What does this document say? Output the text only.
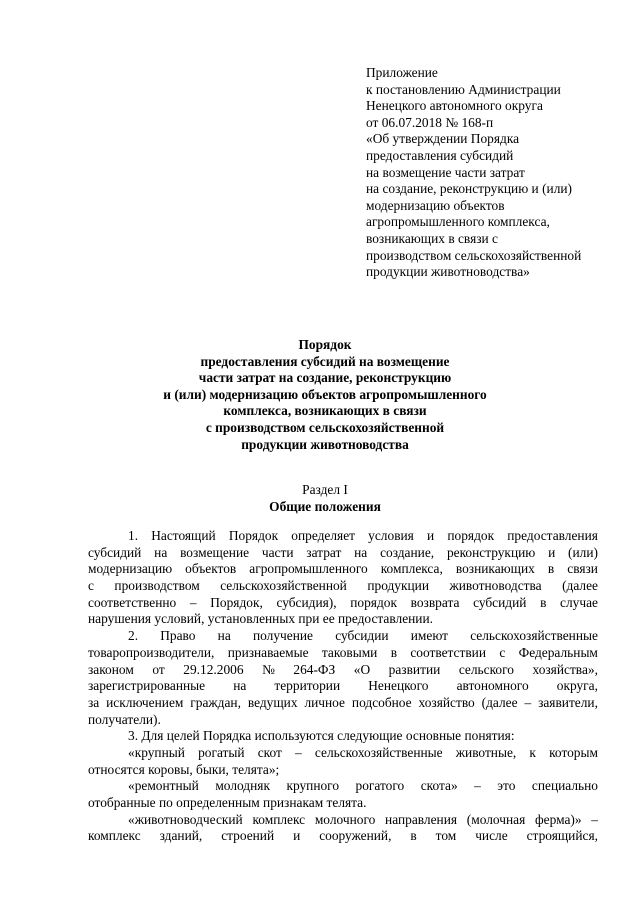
Приложение
к постановлению Администрации
Ненецкого автономного округа
от 06.07.2018 № 168-п
«Об утверждении Порядка
предоставления субсидий
на возмещение части затрат
на создание, реконструкцию и (или)
модернизацию объектов
агропромышленного комплекса,
возникающих в связи с
производством сельскохозяйственной
продукции животноводства»
Порядок
предоставления субсидий на возмещение
части затрат на создание, реконструкцию
и (или) модернизацию объектов агропромышленного
комплекса, возникающих в связи
с производством сельскохозяйственной
продукции животноводства
Раздел I
Общие положения
1. Настоящий Порядок определяет условия и порядок предоставления
субсидий на возмещение части затрат на создание, реконструкцию и (или)
модернизацию объектов агропромышленного комплекса, возникающих в связи
с производством сельскохозяйственной продукции животноводства (далее
соответственно – Порядок, субсидия), порядок возврата субсидий в случае
нарушения условий, установленных при ее предоставлении.
2. Право на получение субсидии имеют сельскохозяйственные
товаропроизводители, признаваемые таковыми в соответствии с Федеральным
законом от 29.12.2006 № 264-ФЗ «О развитии сельского хозяйства»,
зарегистрированные на территории Ненецкого автономного округа,
за исключением граждан, ведущих личное подсобное хозяйство (далее – заявители,
получатели).
3. Для целей Порядка используются следующие основные понятия:
«крупный рогатый скот – сельскохозяйственные животные, к которым
относятся коровы, быки, телята»;
«ремонтный молодняк крупного рогатого скота» – это специально
отобранные по определенным признакам телята.
«животноводческий комплекс молочного направления (молочная ферма)» –
комплекс зданий, строений и сооружений, в том числе строящийся,
